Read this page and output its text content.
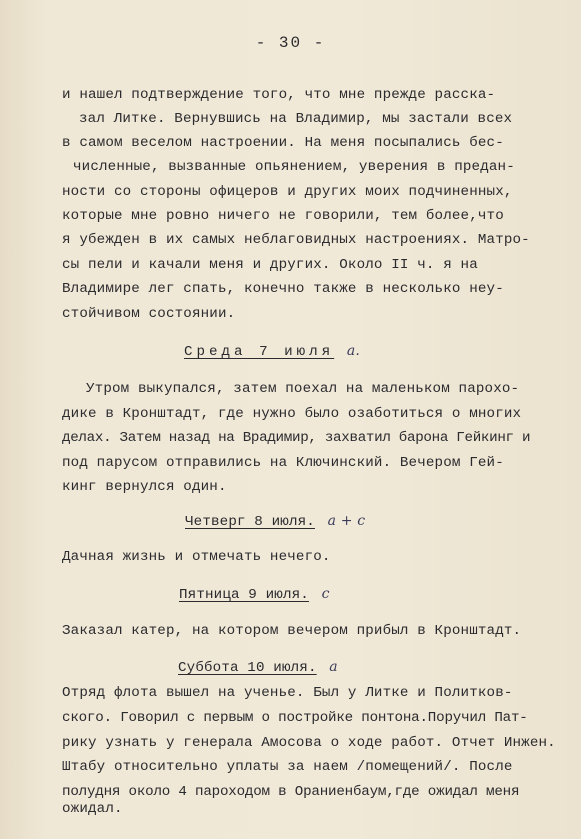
- 30 -
и нашел подтверждение того, что мне прежде расска-
зал Литке. Вернувшись на Владимир, мы застали всех
в самом веселом настроении. На меня посыпались бес-
численные, вызванные опьянением, уверения в предан-
ности со стороны офицеров и других моих подчиненных,
которые мне ровно ничего не говорили, тем более,что
я убежден в их самых неблаговидных настроениях. Матро-
сы пели и качали меня и других. Около II ч. я на
Владимире лег спать, конечно также в несколько неу-
стойчивом состоянии.
Среда 7 июля а.
Утром выкупался, затем поехал на маленьком пароxо-
дике в Кронштадт, где нужно было озаботиться о многих
делах. Затем назад на Врадимир, захватил барона Гейкинг и
под парусом отправились на Ключинский. Вечером Гей-
кинг вернулся один.
Четверг 8 июля. а + с
Дачная жизнь и отмечать нечего.
Пятница 9 июля. с
Заказал катер, на котором вечером прибыл в Кронштадт.
Суббота 10 июля. а
Отряд флота вышел на ученье. Был у Литке и Политков-
ского. Говорил с первым о постройке понтона.Поручил Пат-
рику узнать у генерала Амосова о ходе работ. Отчет Инжен.
Штабу относительно уплаты за наем /помещений/. После
полудня около 4 пароходом в Ораниенбаум,где ожидал меня
ожидал.
